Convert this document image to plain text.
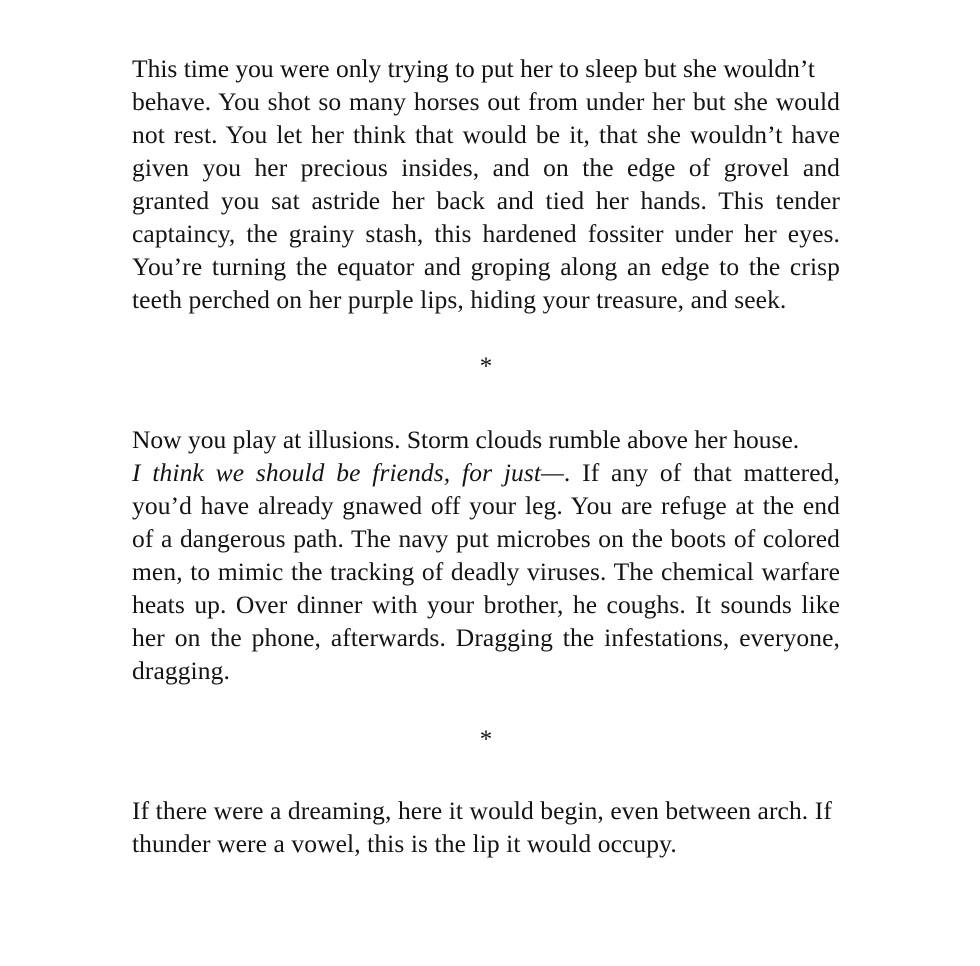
This time you were only trying to put her to sleep but she wouldn’t

behave. You shot so many horses out from under her but she would not rest. You let her think that would be it, that she wouldn’t have given you her precious insides, and on the edge of grovel and granted you sat astride her back and tied her hands. This tender captaincy, the grainy stash, this hardened fossiter under her eyes. You’re turning the equator and groping along an edge to the crisp teeth perched on her purple lips, hiding your treasure, and seek.

*

Now you play at illusions. Storm clouds rumble above her house.

I think we should be friends, for just—. If any of that mattered, you’d have already gnawed off your leg. You are refuge at the end of a dangerous path. The navy put microbes on the boots of colored men, to mimic the tracking of deadly viruses. The chemical warfare heats up. Over dinner with your brother, he coughs. It sounds like her on the phone, afterwards. Dragging the infestations, everyone, dragging.

*

If there were a dreaming, here it would begin, even between arch. If thunder were a vowel, this is the lip it would occupy.
